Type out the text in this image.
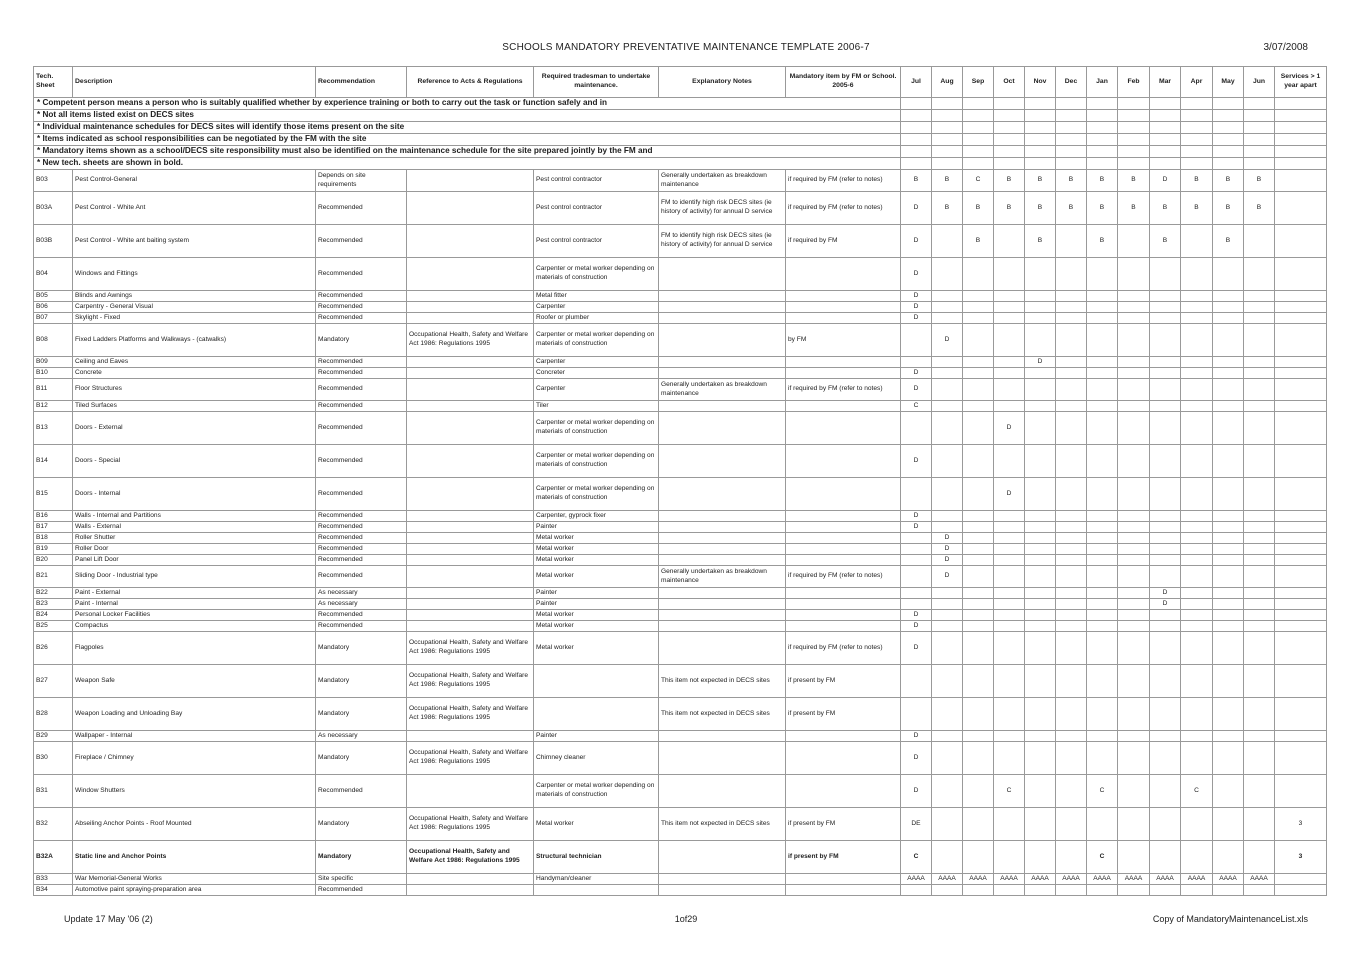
SCHOOLS MANDATORY PREVENTATIVE MAINTENANCE TEMPLATE 2006-7	3/07/2008
Tech. Sheet	Description	Recommendation	Reference to Acts & Regulations	Required tradesman to undertake maintenance.	Explanatory Notes	Mandatory item by FM or School. 2005-6	Jul	Aug	Sep	Oct	Nov	Dec	Jan	Feb	Mar	Apr	May	Jun	Services > 1 year apart
* Competent person means a person who is suitably qualified whether by experience training or both to carry out the task or function safely and in																			
* Not all items listed exist on DECS sites																			
* Individual maintenance schedules for DECS sites will identify those items present on the site																			
* Items indicated as school responsibilities can be negotiated by the FM with the site																			
* Mandatory items shown as a school/DECS site responsibility must also be identified on the maintenance schedule for the site prepared jointly by the FM and																			
* New tech. sheets are shown in bold.																			
B03	Pest Control-General	Depends on site requirements		Pest control contractor	Generally undertaken as breakdown maintenance	if required by FM (refer to notes)	B	B	C	B	B	B	B	B	D	B	B	B	
B03A	Pest Control - White Ant	Recommended		Pest control contractor	FM to identify high risk DECS sites (ie history of activity) for annual D service	if required by FM (refer to notes)	D	B	B	B	B	B	B	B	B	B	B	B	
B03B	Pest Control - White ant baiting system	Recommended		Pest control contractor	FM to identify high risk DECS sites (ie history of activity) for annual D service	if required by FM	D		B		B		B		B		B		
B04	Windows and Fittings	Recommended		Carpenter or metal worker depending on materials of construction			D												
B05	Blinds and Awnings	Recommended		Metal fitter			D												
B06	Carpentry - General Visual	Recommended		Carpenter			D												
B07	Skylight - Fixed	Recommended		Roofer or plumber			D												
B08	Fixed Ladders Platforms and Walkways - (catwalks)	Mandatory	Occupational Health, Safety and Welfare Act 1986: Regulations 1995	Carpenter or metal worker depending on materials of construction		by FM		D											
B09	Ceiling and Eaves	Recommended		Carpenter							D								
B10	Concrete	Recommended		Concreter			D												
B11	Floor Structures	Recommended		Carpenter	Generally undertaken as breakdown maintenance	if required by FM (refer to notes)	D												
B12	Tiled Surfaces	Recommended		Tiler			C												
B13	Doors - External	Recommended		Carpenter or metal worker depending on materials of construction						D									
B14	Doors - Special	Recommended		Carpenter or metal worker depending on materials of construction			D												
B15	Doors - Internal	Recommended		Carpenter or metal worker depending on materials of construction						D									
B16	Walls - Internal and Partitions	Recommended		Carpenter, gyprock fixer			D												
B17	Walls - External	Recommended		Painter			D												
B18	Roller Shutter	Recommended		Metal worker				D											
B19	Roller Door	Recommended		Metal worker				D											
B20	Panel Lift Door	Recommended		Metal worker				D											
B21	Sliding Door - Industrial type	Recommended		Metal worker	Generally undertaken as breakdown maintenance	if required by FM (refer to notes)		D											
B22	Paint - External	As necessary		Painter											D				
B23	Paint - Internal	As necessary		Painter											D				
B24	Personal Locker Facilities	Recommended		Metal worker			D												
B25	Compactus	Recommended		Metal worker			D												
B26	Flagpoles	Mandatory	Occupational Health, Safety and Welfare Act 1986: Regulations 1995	Metal worker		if required by FM (refer to notes)	D												
B27	Weapon Safe	Mandatory	Occupational Health, Safety and Welfare Act 1986: Regulations 1995		This item not expected in DECS sites	if present by FM													
B28	Weapon Loading and Unloading Bay	Mandatory	Occupational Health, Safety and Welfare Act 1986: Regulations 1995		This item not expected in DECS sites	if present by FM													
B29	Wallpaper - Internal	As necessary		Painter			D												
B30	Fireplace / Chimney	Mandatory	Occupational Health, Safety and Welfare Act 1986: Regulations 1995	Chimney cleaner			D												
B31	Window Shutters	Recommended		Carpenter or metal worker depending on materials of construction			D			C			C			C			
B32	Abseiling Anchor Points - Roof Mounted	Mandatory	Occupational Health, Safety and Welfare Act 1986: Regulations 1995	Metal worker	This item not expected in DECS sites	if present by FM	DE												3
B32A	Static line and Anchor Points	Mandatory	Occupational Health, Safety and Welfare Act 1986: Regulations 1995	Structural technician		if present by FM	C						C						3
B33	War Memorial-General Works	Site specific		Handyman/cleaner			AAAA	AAAA	AAAA	AAAA	AAAA	AAAA	AAAA	AAAA	AAAA	AAAA	AAAA	AAAA	
B34	Automotive paint spraying-preparation area	Recommended																	
Update 17 May '06 (2)	1of29	Copy of MandatoryMaintenanceList.xls
